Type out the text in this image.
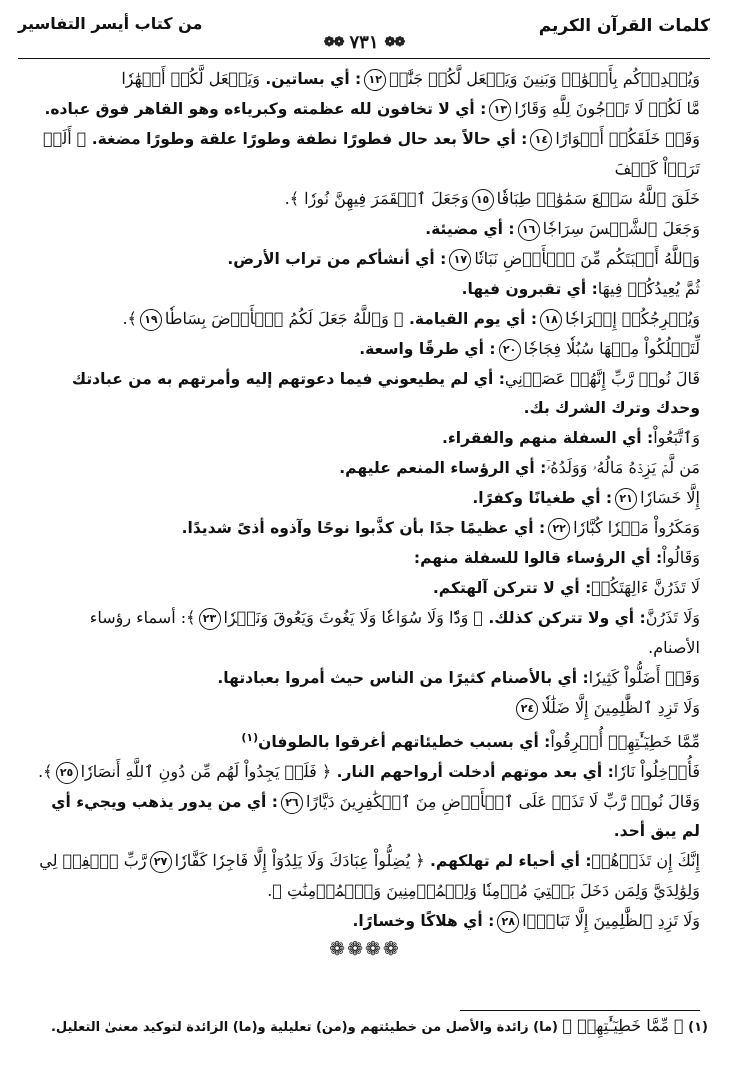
كلمات القرآن الكريم
❁❁ ٧٣١ ❁❁
من كتاب أيسر التفاسير
وَيُمۡدِدۡكُم بِأَمۡوَٰلٖ وَبَنِينَ وَيَجۡعَل لَّكُمۡ جَنَّٰتٖ١٢: أي بساتين. وَيَجۡعَل لَّكُمۡ أَنۡهَٰرٗا
مَّا لَكُمۡ لَا تَرۡجُونَ لِلَّهِ وَقَارٗا١٣: أي لا تخافون لله عظمته وكبرياءه وهو القاهر فوق عباده.
وَقَدۡ خَلَقَكُمۡ أَطۡوَارًا١٤: أي حالاً بعد حال فطورًا نطفة وطورًا علقة وطورًا مضغة. ﴿ أَلَمۡ تَرَوۡاْ كَيۡفَ
خَلَقَ ٱللَّهُ سَبۡعَ سَمَٰوَٰتٖ طِبَاقٗا١٥وَجَعَلَ ٱلۡقَمَرَ فِيهِنَّ نُورٗا ﴾.
وَجَعَلَ ٱلشَّمۡسَ سِرَاجٗا١٦: أي مضيئة.
وَٱللَّهُ أَنۢبَتَكُم مِّنَ ٱلۡأَرۡضِ نَبَاتٗا١٧: أي أنشأكم من تراب الأرض.
ثُمَّ يُعِيدُكُمۡ فِيهَا: أي تقبرون فيها.
وَيُخۡرِجُكُمۡ إِخۡرَاجٗا١٨: أي يوم القيامة. ﴿ وَٱللَّهُ جَعَلَ لَكُمُ ٱلۡأَرۡضَ بِسَاطٗا١٩﴾.
لِّتَسۡلُكُواْ مِنۡهَا سُبُلٗا فِجَاجٗا٢٠: أي طرقًا واسعة.
قَالَ نُوحٞ رَّبِّ إِنَّهُمۡ عَصَوۡنِي: أي لم يطيعوني فيما دعوتهم إليه وأمرتهم به من عبادتك وحدك وترك الشرك بك.
وَٱتَّبَعُواْ: أي السفلة منهم والفقراء.
مَن لَّمۡ يَزِدۡهُ مَالُهُۥ وَوَلَدُهُۥٓ: أي الرؤساء المنعم عليهم.
إِلَّا خَسَارٗا٢١: أي طغيانًا وكفرًا.
وَمَكَرُواْ مَكۡرٗا كُبَّارٗا٢٢: أي عظيمًا جدًا بأن كذَّبوا نوحًا وآذوه أذىً شديدًا.
وَقَالُواْ: أي الرؤساء قالوا للسفلة منهم:
لَا تَذَرُنَّ ءَالِهَتَكُمۡ: أي لا تتركن آلهتكم.
وَلَا تَذَرُنَّ: أي ولا تتركن كذلك. ﴿ وَدّٗا وَلَا سُوَاعٗا وَلَا يَغُوثَ وَيَعُوقَ وَنَسۡرٗا٢٣﴾: أسماء رؤساء الأصنام.
وَقَدۡ أَضَلُّواْ كَثِيرٗا: أي بالأصنام كثيرًا من الناس حيث أمروا بعبادتها.
وَلَا تَزِدِ ٱلظَّٰلِمِينَ إِلَّا ضَلَٰلٗا٢٤
مِّمَّا خَطِيٓـَٰٔتِهِمۡ أُغۡرِقُواْ: أي بسبب خطيئاتهم أغرقوا بالطوفان$^{(١)}$
فَأُدۡخِلُواْ نَارٗا: أي بعد موتهم أدخلت أرواحهم النار. ﴿ فَلَمۡ يَجِدُواْ لَهُم مِّن دُونِ ٱللَّهِ أَنصَارٗا٢٥﴾.
وَقَالَ نُوحٞ رَّبِّ لَا تَذَرۡ عَلَى ٱلۡأَرۡضِ مِنَ ٱلۡكَٰفِرِينَ دَيَّارًا٢٦: أي من يدور يذهب ويجيء أي لم يبق أحد.
إِنَّكَ إِن تَذَرۡهُمۡ: أي أحياء لم تهلكهم. ﴿ يُضِلُّواْ عِبَادَكَ وَلَا يَلِدُوٓاْ إِلَّا فَاجِرٗا كَفَّارٗا٢٧رَّبِّ ٱغۡفِرۡ لِي وَلِوَٰلِدَيَّ وَلِمَن دَخَلَ بَيۡتِيَ مُؤۡمِنٗا وَلِلۡمُؤۡمِنِينَ وَٱلۡمُؤۡمِنَٰتِ ﴾.
وَلَا تَزِدِ ٱلظَّٰلِمِينَ إِلَّا تَبَارَۢا٢٨: أي هلاكًا وخسارًا.
❁❁❁❁
(١) ﴿ مِّمَّا خَطِيٓـَٰٔتِهِمۡ ﴾ (ما) زائدة والأصل من خطيئتهم و(من) تعليلية و(ما) الزائدة لتوكيد معنىٰ التعليل.
